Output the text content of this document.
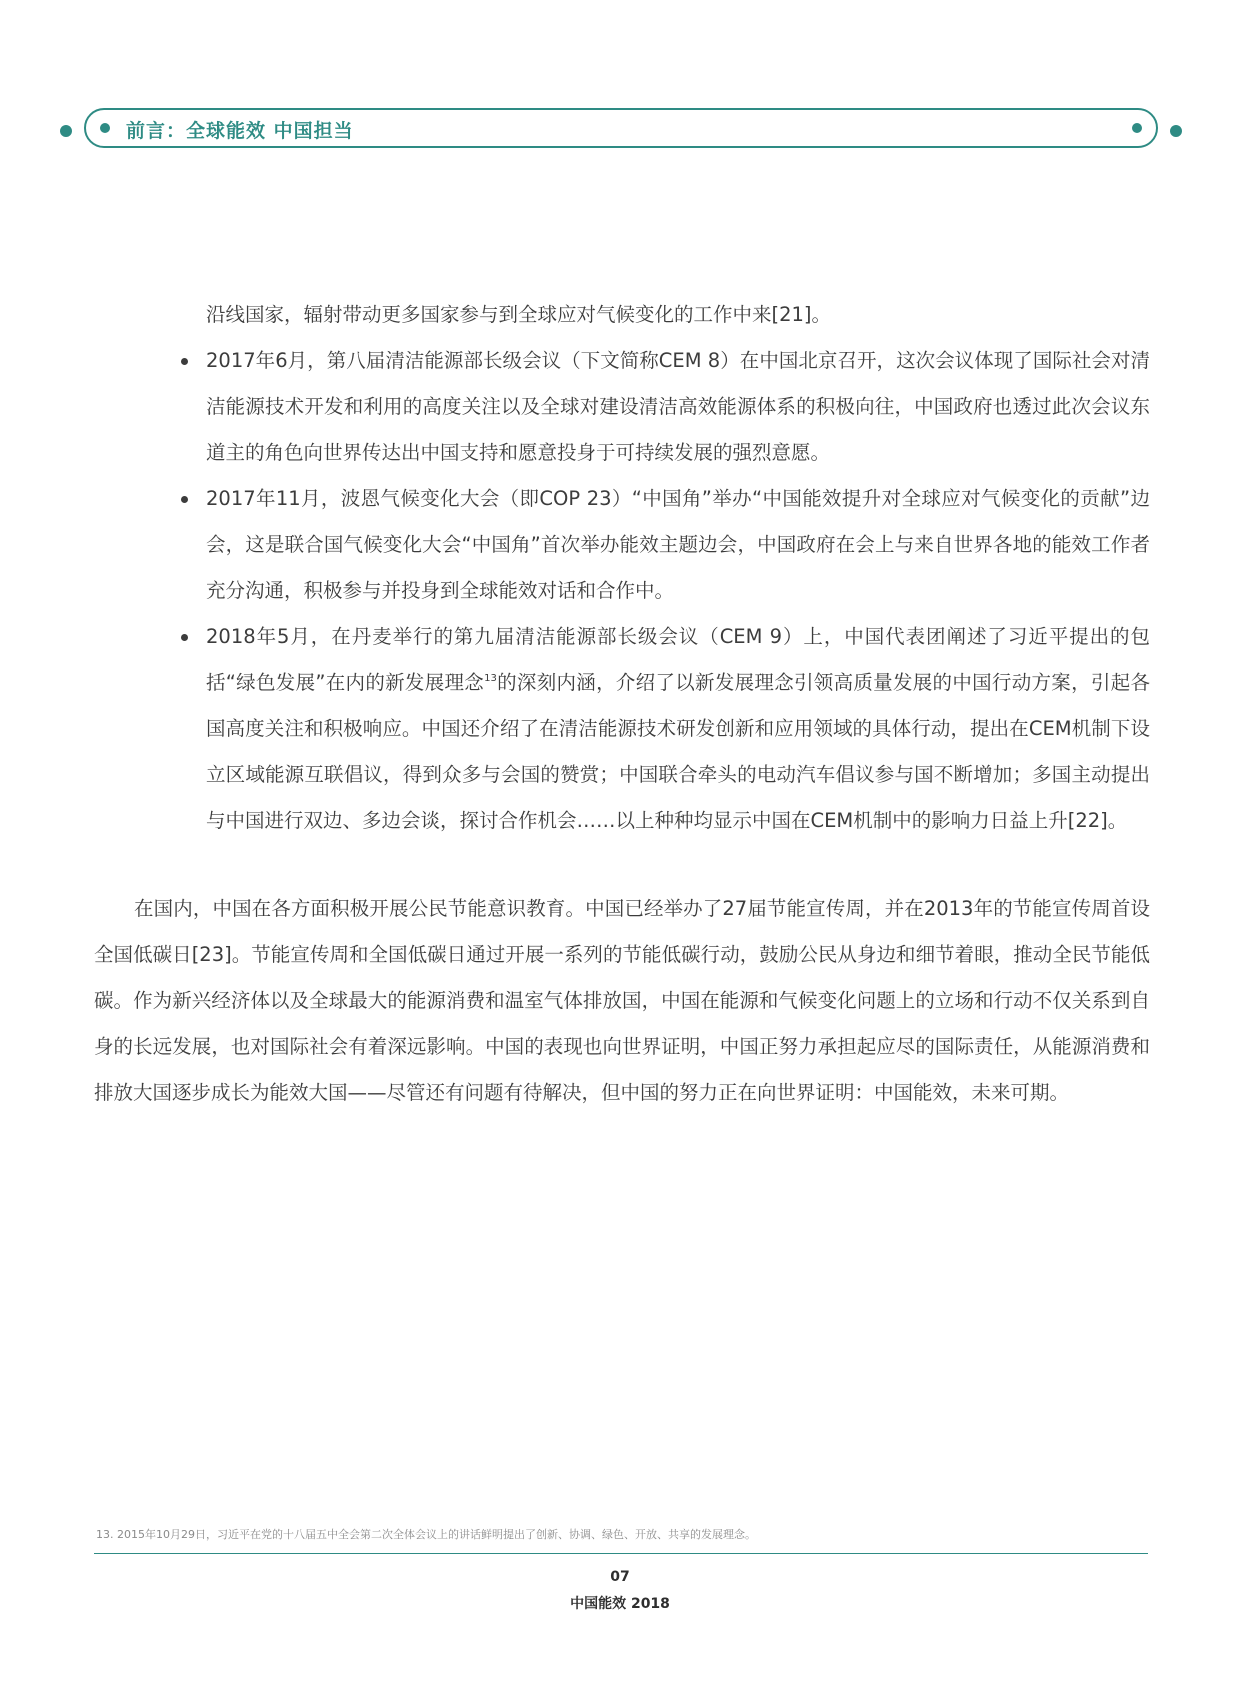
前言：全球能效 中国担当

沿线国家，辐射带动更多国家参与到全球应对气候变化的工作中来[21]。

2017年6月，第八届清洁能源部长级会议（下文简称CEM 8）在中国北京召开，这次会议体现了国际社会对清洁能源技术开发和利用的高度关注以及全球对建设清洁高效能源体系的积极向往，中国政府也透过此次会议东道主的角色向世界传达出中国支持和愿意投身于可持续发展的强烈意愿。
2017年11月，波恩气候变化大会（即COP 23）“中国角”举办“中国能效提升对全球应对气候变化的贡献”边会，这是联合国气候变化大会“中国角”首次举办能效主题边会，中国政府在会上与来自世界各地的能效工作者充分沟通，积极参与并投身到全球能效对话和合作中。
2018年5月，在丹麦举行的第九届清洁能源部长级会议（CEM 9）上，中国代表团阐述了习近平提出的包括“绿色发展”在内的新发展理念$^{13}$的深刻内涵，介绍了以新发展理念引领高质量发展的中国行动方案，引起各国高度关注和积极响应。中国还介绍了在清洁能源技术研发创新和应用领域的具体行动，提出在CEM机制下设立区域能源互联倡议，得到众多与会国的赞赏；中国联合牵头的电动汽车倡议参与国不断增加；多国主动提出与中国进行双边、多边会谈，探讨合作机会……以上种种均显示中国在CEM机制中的影响力日益上升[22]。

在国内，中国在各方面积极开展公民节能意识教育。中国已经举办了27届节能宣传周，并在2013年的节能宣传周首设全国低碳日[23]。节能宣传周和全国低碳日通过开展一系列的节能低碳行动，鼓励公民从身边和细节着眼，推动全民节能低碳。作为新兴经济体以及全球最大的能源消费和温室气体排放国，中国在能源和气候变化问题上的立场和行动不仅关系到自身的长远发展，也对国际社会有着深远影响。中国的表现也向世界证明，中国正努力承担起应尽的国际责任，从能源消费和排放大国逐步成长为能效大国——尽管还有问题有待解决，但中国的努力正在向世界证明：中国能效，未来可期。

13. 2015年10月29日，习近平在党的十八届五中全会第二次全体会议上的讲话鲜明提出了创新、协调、绿色、开放、共享的发展理念。
07
中国能效 2018
